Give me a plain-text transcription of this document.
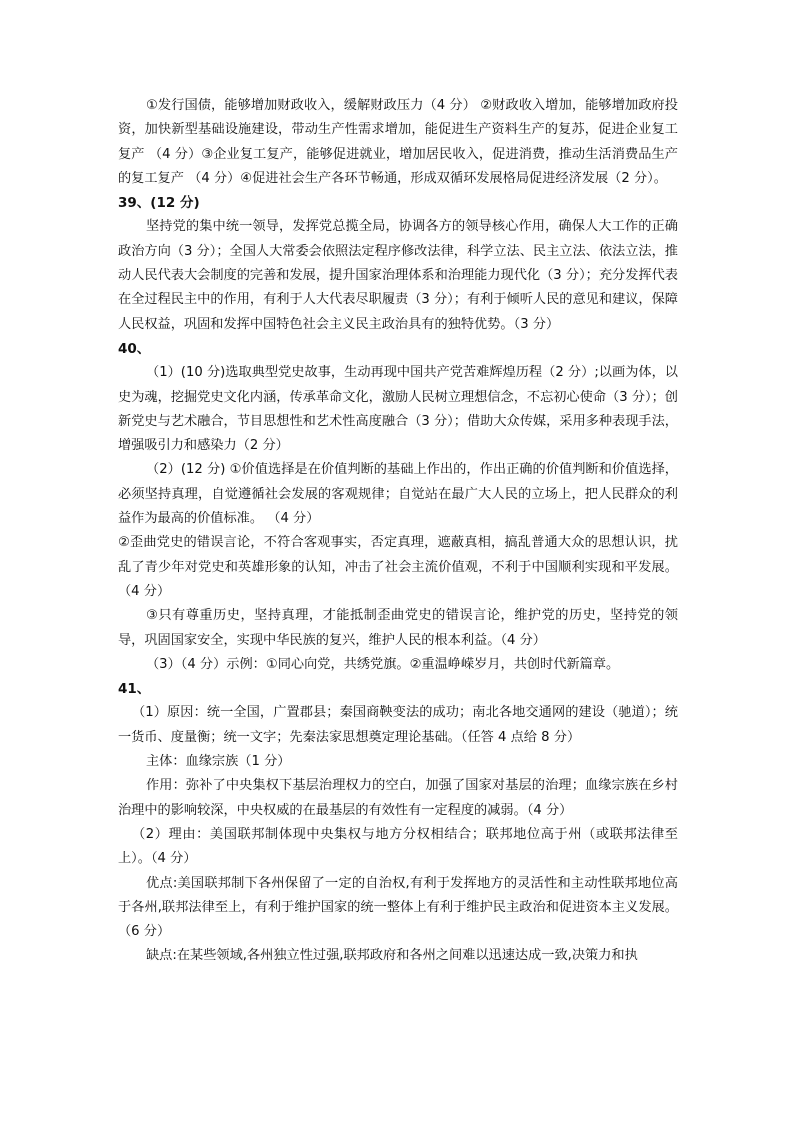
①发行国债，能够增加财政收入，缓解财政压力（4 分） ②财政收入增加，能够增加政府投资，加快新型基础设施建设，带动生产性需求增加，能促进生产资料生产的复苏，促进企业复工复产 （4 分）③企业复工复产，能够促进就业，增加居民收入，促进消费，推动生活消费品生产的复工复产 （4 分）④促进社会生产各环节畅通，形成双循环发展格局促进经济发展（2 分）。

39、(12 分)

坚持党的集中统一领导，发挥党总揽全局，协调各方的领导核心作用，确保人大工作的正确政治方向（3 分）；全国人大常委会依照法定程序修改法律，科学立法、民主立法、依法立法，推动人民代表大会制度的完善和发展，提升国家治理体系和治理能力现代化（3 分）；充分发挥代表在全过程民主中的作用，有利于人大代表尽职履责（3 分）；有利于倾听人民的意见和建议，保障人民权益，巩固和发挥中国特色社会主义民主政治具有的独特优势。（3 分）

40、

（1）(10 分)选取典型党史故事，生动再现中国共产党苦难辉煌历程（2 分）;以画为体，以史为魂，挖掘党史文化内涵，传承革命文化，激励人民树立理想信念，不忘初心使命（3 分）；创新党史与艺术融合，节目思想性和艺术性高度融合（3 分）；借助大众传媒，采用多种表现手法，增强吸引力和感染力（2 分）

（2）(12 分) ①价值选择是在价值判断的基础上作出的，作出正确的价值判断和价值选择，必须坚持真理，自觉遵循社会发展的客观规律；自觉站在最广大人民的立场上，把人民群众的利益作为最高的价值标准。 （4 分）

②歪曲党史的错误言论，不符合客观事实，否定真理，遮蔽真相，搞乱普通大众的思想认识，扰乱了青少年对党史和英雄形象的认知，冲击了社会主流价值观，不利于中国顺利实现和平发展。（4 分）

③只有尊重历史，坚持真理，才能抵制歪曲党史的错误言论，维护党的历史，坚持党的领导，巩固国家安全，实现中华民族的复兴，维护人民的根本利益。（4 分）

（3）（4 分）示例：①同心向党，共绣党旗。②重温峥嵘岁月，共创时代新篇章。

41、

（1）原因：统一全国，广置郡县；秦国商鞅变法的成功；南北各地交通网的建设（驰道）；统一货币、度量衡；统一文字；先秦法家思想奠定理论基础。（任答 4 点给 8 分）

主体：血缘宗族（1 分）

作用：弥补了中央集权下基层治理权力的空白，加强了国家对基层的治理；血缘宗族在乡村治理中的影响较深，中央权威的在最基层的有效性有一定程度的减弱。（4 分）

（2）理由：美国联邦制体现中央集权与地方分权相结合；联邦地位高于州（或联邦法律至上）。（4 分）

优点:美国联邦制下各州保留了一定的自治权,有利于发挥地方的灵活性和主动性联邦地位高于各州,联邦法律至上，有利于维护国家的统一整体上有利于维护民主政治和促进资本主义发展。（6 分）

缺点:在某些领域,各州独立性过强,联邦政府和各州之间难以迅速达成一致,决策力和执
